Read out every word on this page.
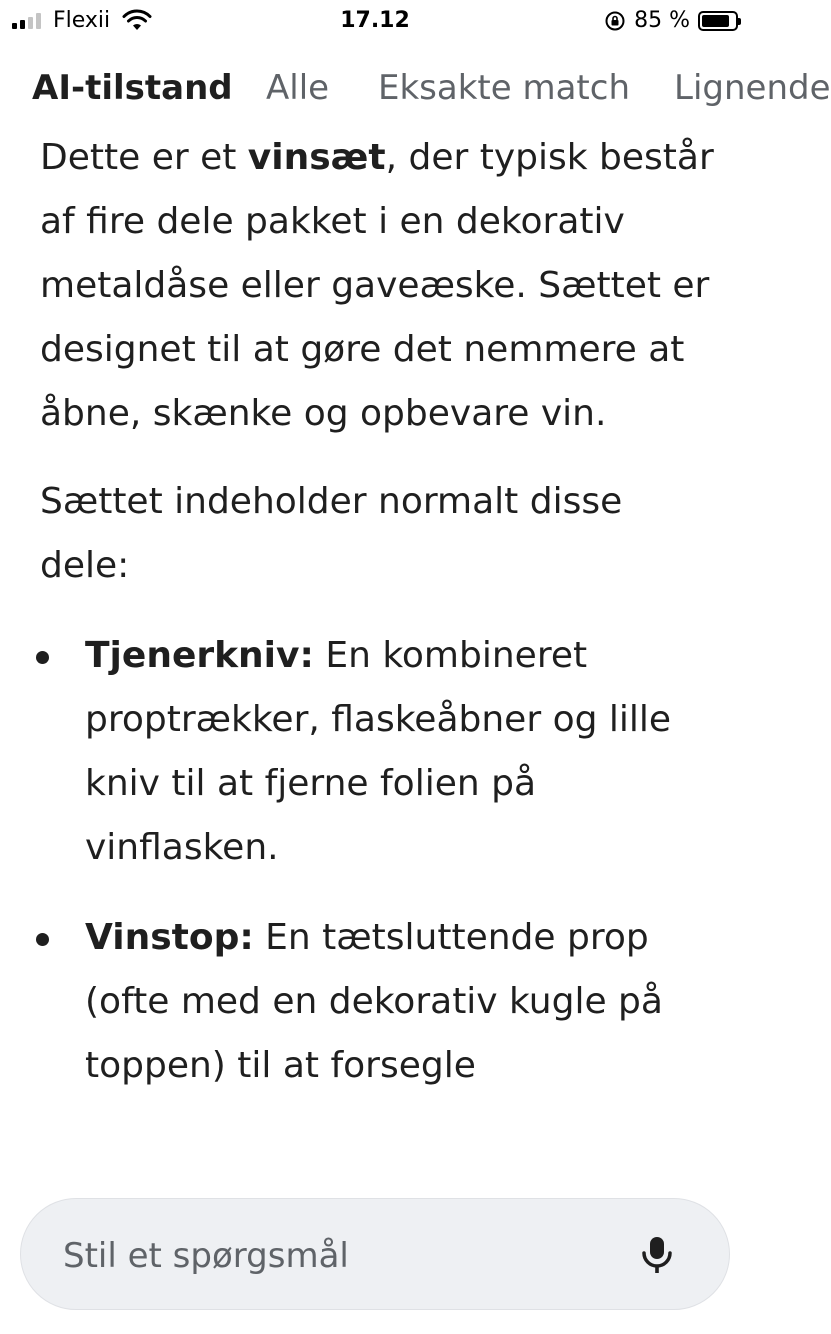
Flexii	17.12	85 %
AI-tilstand Alle Eksakte match Lignende

Dette er et vinsæt, der typisk består af fire dele pakket i en dekorativ metaldåse eller gaveæske. Sættet er designet til at gøre det nemmere at åbne, skænke og opbevare vin.

Sættet indeholder normalt disse dele:

Tjenerkniv: En kombineret proptrækker, flaskeåbner og lille kniv til at fjerne folien på vinflasken.
Vinstop: En tætsluttende prop (ofte med en dekorativ kugle på toppen) til at forsegle
Stil et spørgsmål
